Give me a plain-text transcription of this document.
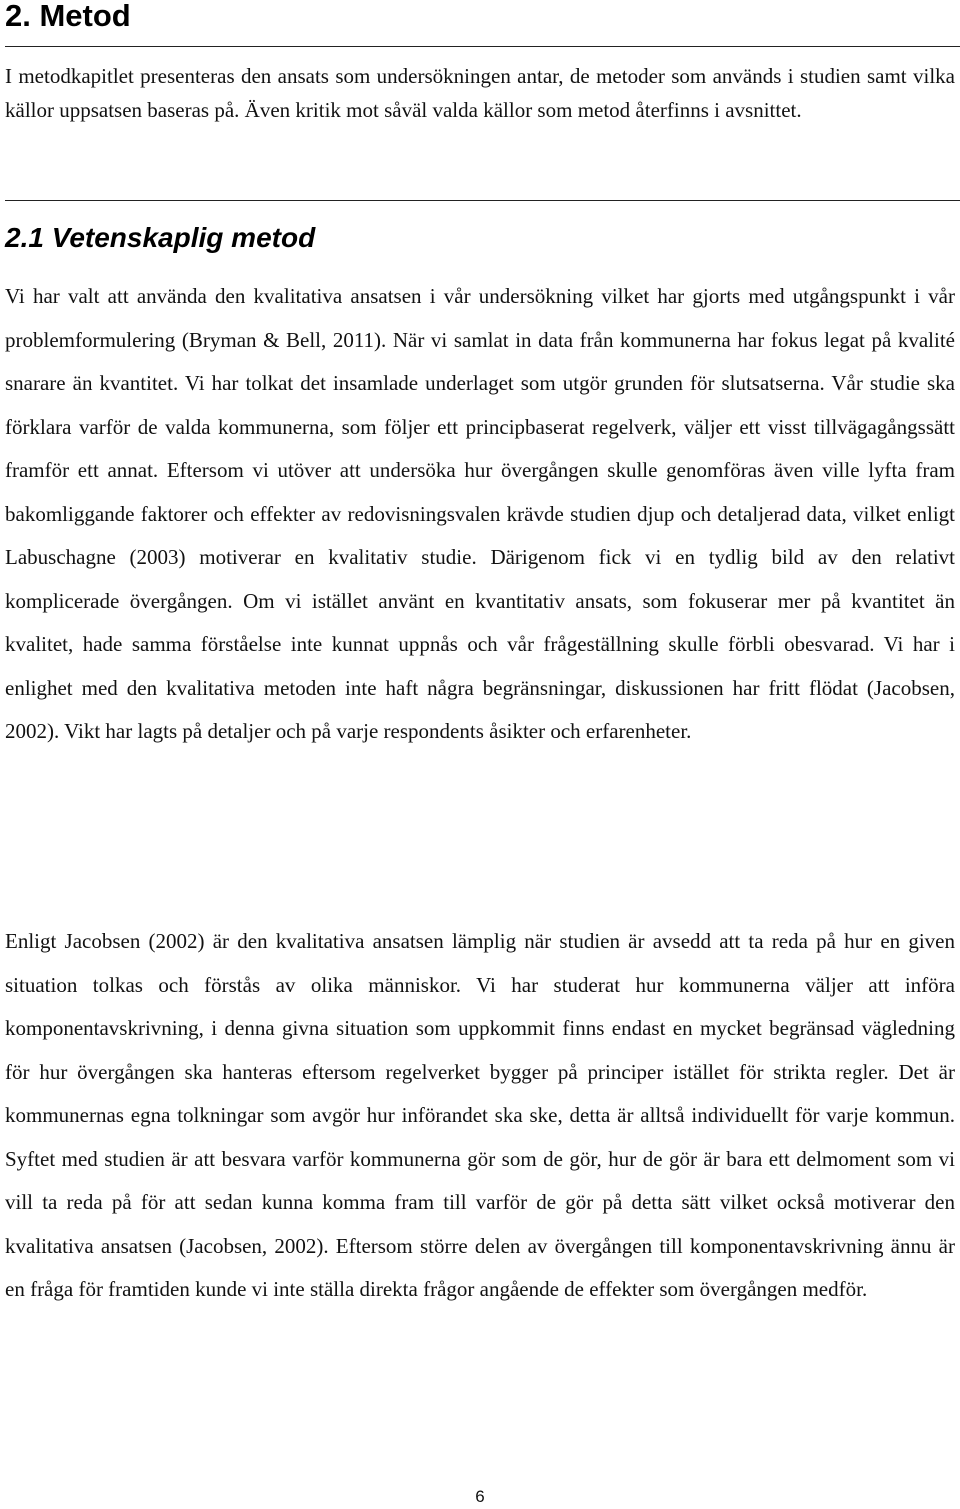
2. Metod

I metodkapitlet presenteras den ansats som undersökningen antar, de metoder som används i studien samt vilka källor uppsatsen baseras på. Även kritik mot såväl valda källor som metod återfinns i avsnittet.

2.1 Vetenskaplig metod

Vi har valt att använda den kvalitativa ansatsen i vår undersökning vilket har gjorts med utgångspunkt i vår problemformulering (Bryman & Bell, 2011). När vi samlat in data från kommunerna har fokus legat på kvalité snarare än kvantitet. Vi har tolkat det insamlade underlaget som utgör grunden för slutsatserna. Vår studie ska förklara varför de valda kommunerna, som följer ett principbaserat regelverk, väljer ett visst tillvägagångssätt framför ett annat. Eftersom vi utöver att undersöka hur övergången skulle genomföras även ville lyfta fram bakomliggande faktorer och effekter av redovisningsvalen krävde studien djup och detaljerad data, vilket enligt Labuschagne (2003) motiverar en kvalitativ studie. Därigenom fick vi en tydlig bild av den relativt komplicerade övergången. Om vi istället använt en kvantitativ ansats, som fokuserar mer på kvantitet än kvalitet, hade samma förståelse inte kunnat uppnås och vår frågeställning skulle förbli obesvarad. Vi har i enlighet med den kvalitativa metoden inte haft några begränsningar, diskussionen har fritt flödat (Jacobsen, 2002). Vikt har lagts på detaljer och på varje respondents åsikter och erfarenheter.

Enligt Jacobsen (2002) är den kvalitativa ansatsen lämplig när studien är avsedd att ta reda på hur en given situation tolkas och förstås av olika människor. Vi har studerat hur kommunerna väljer att införa komponentavskrivning, i denna givna situation som uppkommit finns endast en mycket begränsad vägledning för hur övergången ska hanteras eftersom regelverket bygger på principer istället för strikta regler. Det är kommunernas egna tolkningar som avgör hur införandet ska ske, detta är alltså individuellt för varje kommun. Syftet med studien är att besvara varför kommunerna gör som de gör, hur de gör är bara ett delmoment som vi vill ta reda på för att sedan kunna komma fram till varför de gör på detta sätt vilket också motiverar den kvalitativa ansatsen (Jacobsen, 2002). Eftersom större delen av övergången till komponentavskrivning ännu är en fråga för framtiden kunde vi inte ställa direkta frågor angående de effekter som övergången medför.

6
